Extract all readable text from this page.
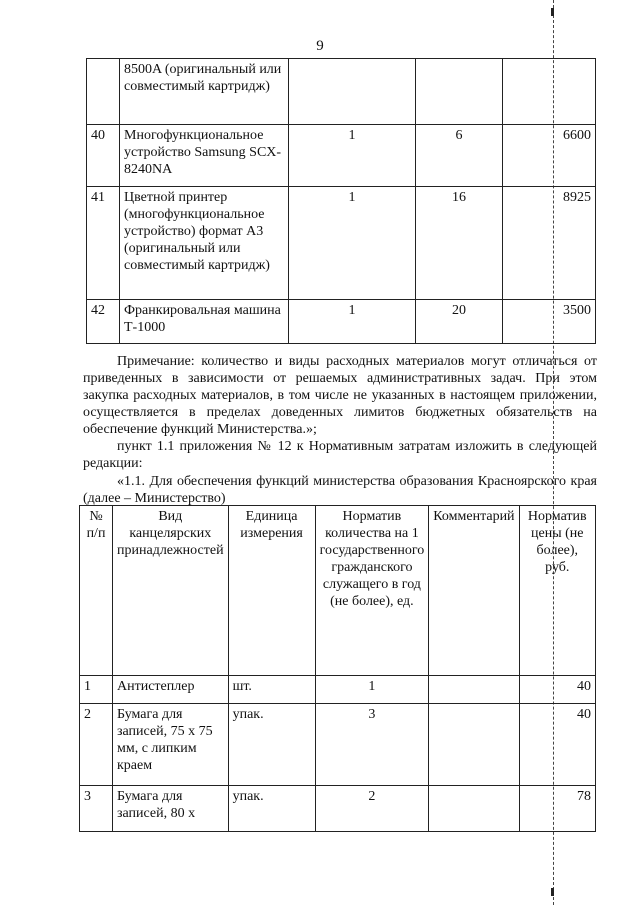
9
	8500A (оригинальный или совместимый картридж)			
40	Многофункциональное устройство Samsung SCX-8240NA	1	6	6600
41	Цветной принтер (многофункциональное устройство) формат А3 (оригинальный или совместимый картридж)	1	16	8925
42	Франкировальная машина Т-1000	1	20	3500
Примечание: количество и виды расходных материалов могут отличаться от приведенных в зависимости от решаемых административных задач. При этом закупка расходных материалов, в том числе не указанных в настоящем приложении, осуществляется в пределах доведенных лимитов бюджетных обязательств на обеспечение функций Министерства.»;
пункт 1.1 приложения № 12 к Нормативным затратам изложить в следующей редакции:
«1.1. Для обеспечения функций министерства образования Красноярского края (далее – Министерство)
№ п/п	Вид канцелярских принадлежностей	Единица измерения	Норматив количества на 1 государственного гражданского служащего в год (не более), ед.	Комментарий	Норматив цены (не более), руб.
1	Антистеплер	шт.	1		40
2	Бумага для записей, 75 х 75 мм, с липким краем	упак.	3		40
3	Бумага для записей, 80 х	упак.	2		78
